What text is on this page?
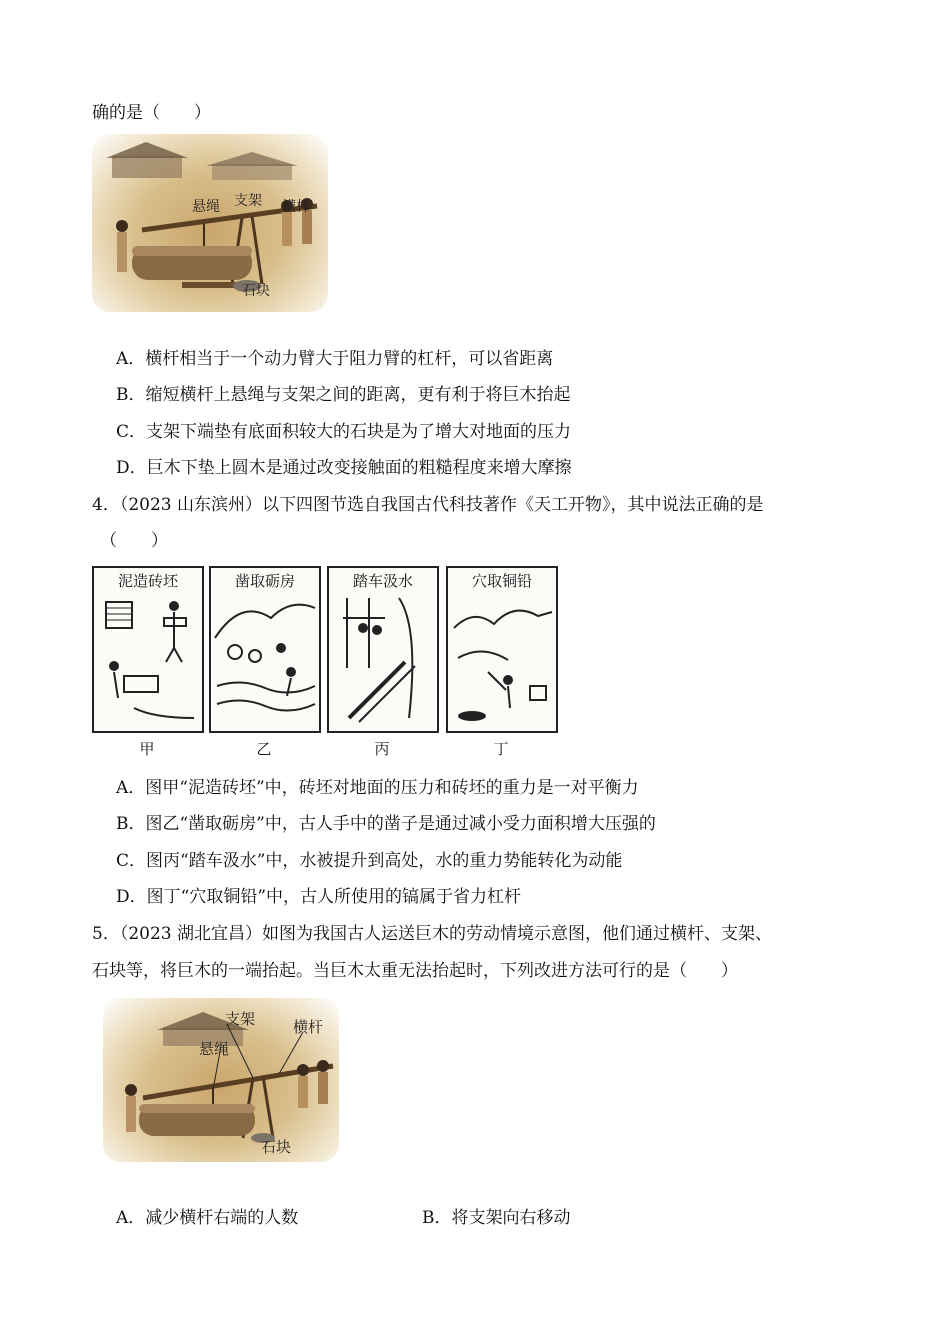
确的是（　　）
悬绳 支架 横杆
石块
A．横杆相当于一个动力臂大于阻力臂的杠杆，可以省距离
B．缩短横杆上悬绳与支架之间的距离，更有利于将巨木抬起
C．支架下端垫有底面积较大的石块是为了增大对地面的压力
D．巨木下垫上圆木是通过改变接触面的粗糙程度来增大摩擦
4．（2023 山东滨州）以下四图节选自我国古代科技著作《天工开物》，其中说法正确的是
（　　）
泥造砖坯	凿取砺房	踏车汲水	穴取铜铅
甲	乙	丙	丁
A．图甲“泥造砖坯”中，砖坯对地面的压力和砖坯的重力是一对平衡力
B．图乙“凿取砺房”中，古人手中的凿子是通过减小受力面积增大压强的
C．图丙“踏车汲水”中，水被提升到高处，水的重力势能转化为动能
D．图丁“穴取铜铅”中，古人所使用的镐属于省力杠杆
5．（2023 湖北宜昌）如图为我国古人运送巨木的劳动情境示意图，他们通过横杆、支架、
石块等，将巨木的一端抬起。当巨木太重无法抬起时，下列改进方法可行的是（　　）
支架	横杆
悬绳
石块
A．减少横杆右端的人数	B．将支架向右移动
